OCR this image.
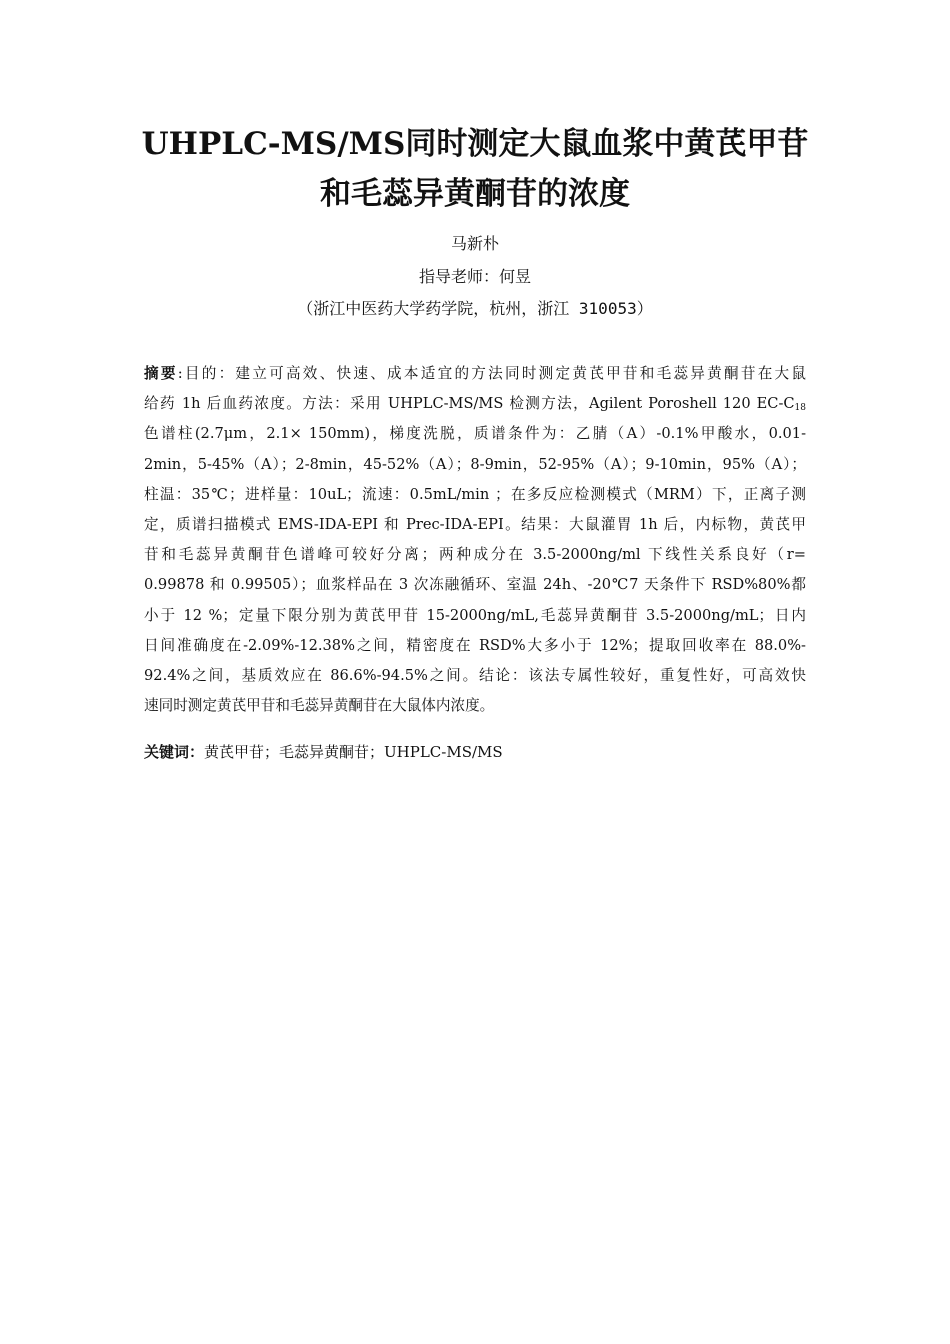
UHPLC-MS/MS同时测定大鼠血浆中黄芪甲苷
和毛蕊异黄酮苷的浓度

马新朴

指导老师：何昱

（浙江中医药大学药学院，杭州，浙江 310053）

摘要:目的：建立可高效、快速、成本适宜的方法同时测定黄芪甲苷和毛蕊异黄酮苷在大鼠
给药 1h 后血药浓度。方法：采用 UHPLC-MS/MS 检测方法，Agilent Poroshell 120 $EC-C_{18}$
色谱柱(2.7μm，2.1× 150mm)，梯度洗脱，质谱条件为：乙腈（A）-0.1%甲酸水，0.01-
2min，5-45%（A）；2-8min，45-52%（A）；8-9min，52-95%（A）；9-10min，95%（A）；
柱温：35℃；进样量：10uL；流速：0.5mL/min ；在多反应检测模式（MRM）下，正离子测
定，质谱扫描模式 EMS-IDA-EPI 和 Prec-IDA-EPI。结果：大鼠灌胃 1h 后，内标物，黄芪甲
苷和毛蕊异黄酮苷色谱峰可较好分离；两种成分在 3.5-2000ng/ml 下线性关系良好（r=
0.99878 和 0.99505）；血浆样品在 3 次冻融循环、室温 24h、-20℃7 天条件下 RSD%80%都
小于 12 %；定量下限分别为黄芪甲苷 15-2000ng/mL,毛蕊异黄酮苷 3.5-2000ng/mL；日内
日间准确度在-2.09%-12.38%之间，精密度在 RSD%大多小于 12%；提取回收率在 88.0%-
92.4%之间，基质效应在 86.6%-94.5%之间。结论：该法专属性较好，重复性好，可高效快
速同时测定黄芪甲苷和毛蕊异黄酮苷在大鼠体内浓度。

关键词：黄芪甲苷；毛蕊异黄酮苷；UHPLC-MS/MS
